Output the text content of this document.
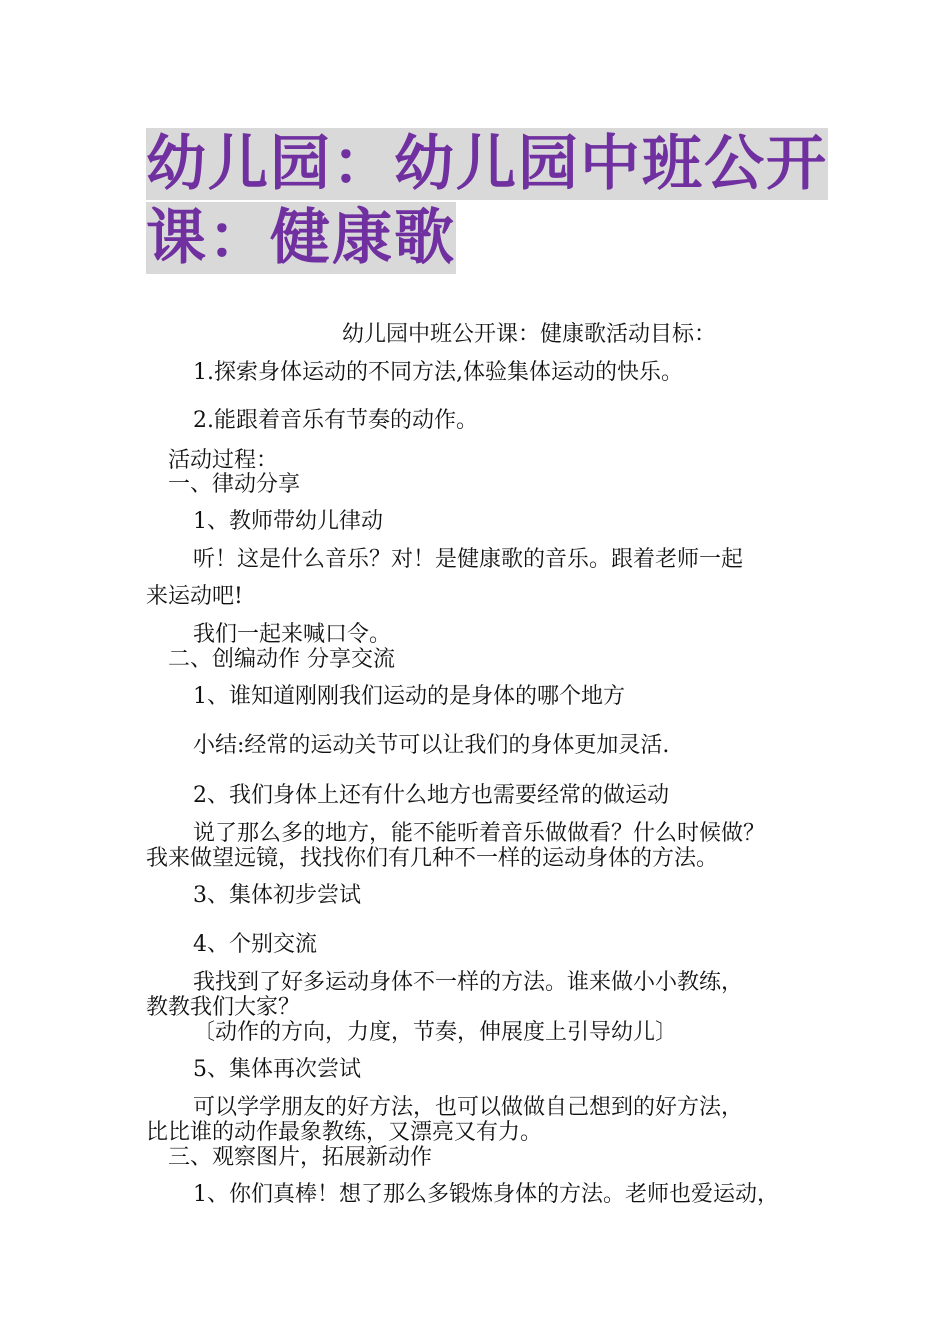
幼儿园：幼儿园中班公开
课：健康歌
幼儿园中班公开课：健康歌活动目标：
1.探索身体运动的不同方法,体验集体运动的快乐。
2.能跟着音乐有节奏的动作。
活动过程：
一、律动分享
1、教师带幼儿律动
听！这是什么音乐？对！是健康歌的音乐。跟着老师一起
来运动吧!
我们一起来喊口令。
二、创编动作 分享交流
1、谁知道刚刚我们运动的是身体的哪个地方
小结:经常的运动关节可以让我们的身体更加灵活.
2、我们身体上还有什么地方也需要经常的做运动
说了那么多的地方，能不能听着音乐做做看？什么时候做？
我来做望远镜，找找你们有几种不一样的运动身体的方法。
3、集体初步尝试
4、个别交流
我找到了好多运动身体不一样的方法。谁来做小小教练，
教教我们大家？
〔动作的方向，力度，节奏，伸展度上引导幼儿〕
5、集体再次尝试
可以学学朋友的好方法，也可以做做自己想到的好方法，
比比谁的动作最象教练，又漂亮又有力。
三、观察图片，拓展新动作
1、你们真棒！想了那么多锻炼身体的方法。老师也爱运动，
